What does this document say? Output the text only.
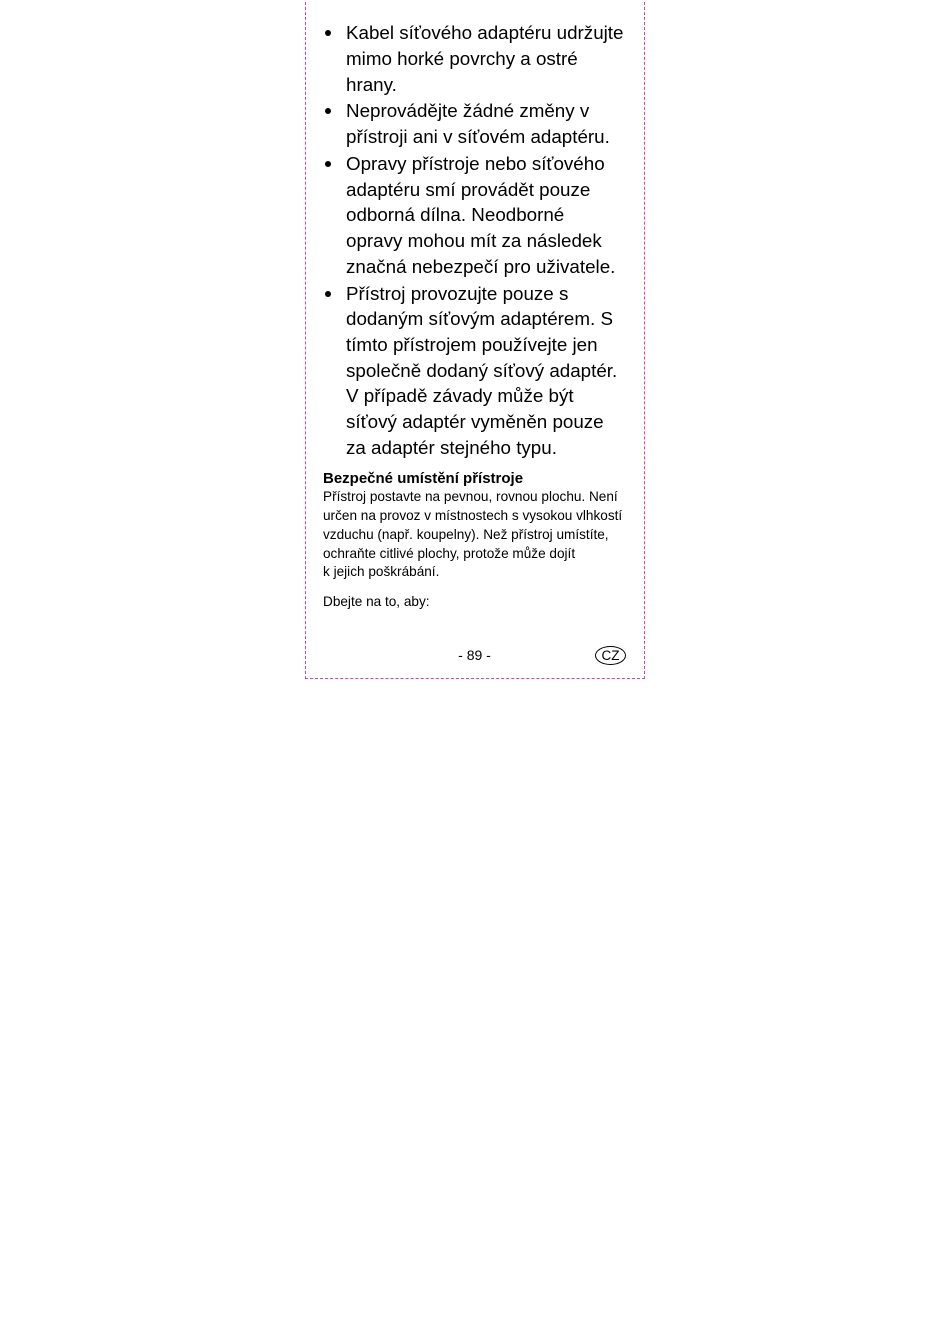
Kabel síťového adaptéru udržujte
mimo horké povrchy a ostré
hrany.
Neprovádějte žádné změny v
přístroji ani v síťovém adaptéru.
Opravy přístroje nebo síťového
adaptéru smí provádět pouze
odborná dílna. Neodborné
opravy mohou mít za následek
značná nebezpečí pro uživatele.
Přístroj provozujte pouze s
dodaným síťovým adaptérem. S
tímto přístrojem používejte jen
společně dodaný síťový adaptér.
V případě závady může být
síťový adaptér vyměněn pouze
za adaptér stejného typu.
Bezpečné umístění přístroje
Přístroj postavte na pevnou, rovnou plochu. Není
určen na provoz v místnostech s vysokou vlhkostí
vzduchu (např. koupelny). Než přístroj umístíte,
ochraňte citlivé plochy, protože může dojít
k jejich poškrábání.
Dbejte na to, aby:
- 89 -	CZ
